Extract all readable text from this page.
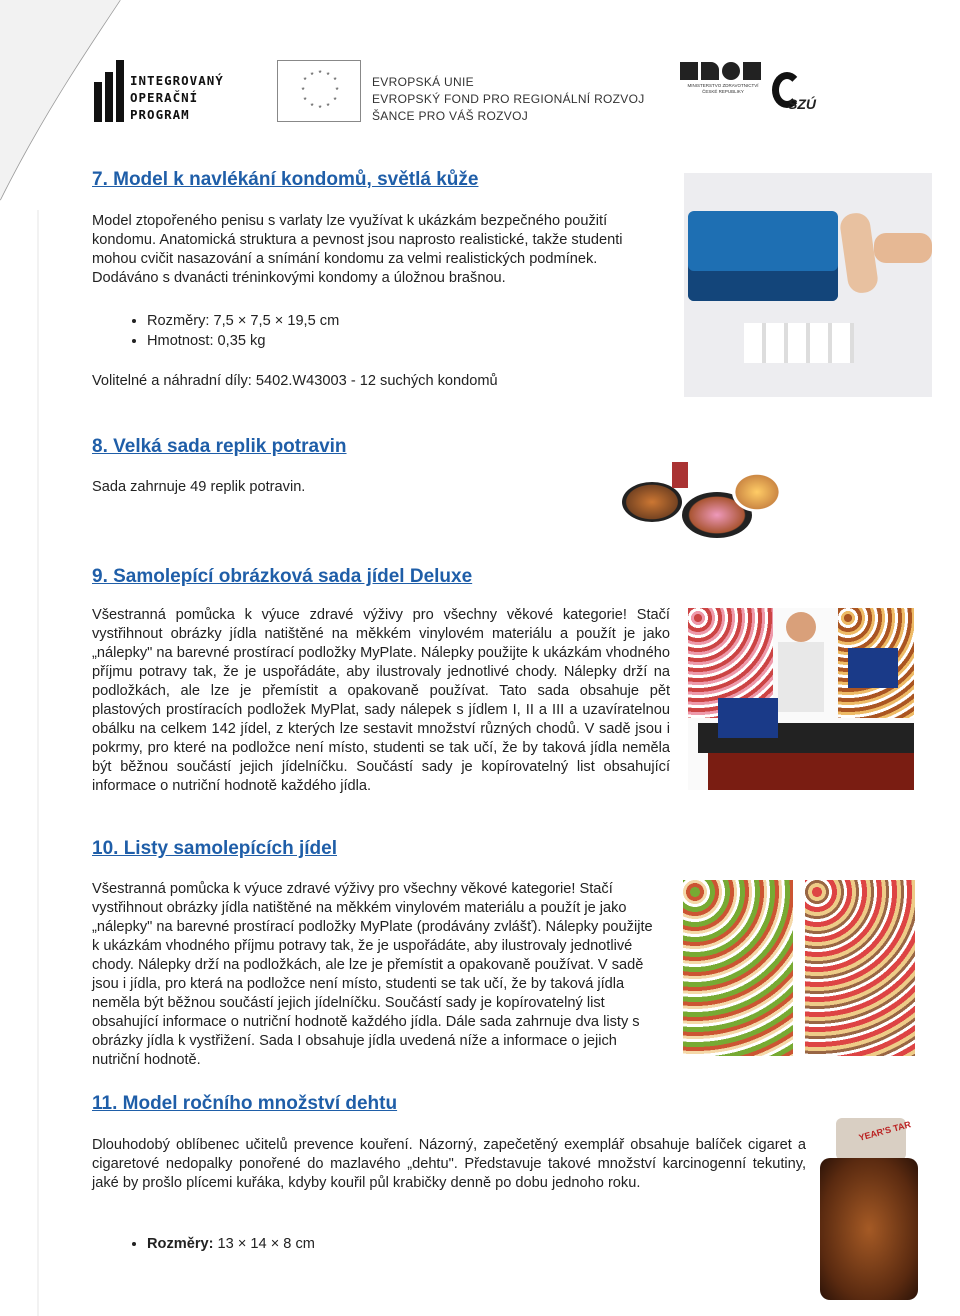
INTEGROVANÝ
OPERAČNÍ
PROGRAM
* *
*
*
*
*
*
*
*
*
*
*	EVROPSKÁ UNIE
EVROPSKÝ FOND PRO REGIONÁLNÍ ROZVOJ
ŠANCE PRO VÁŠ ROZVOJ
MINISTERSTVO ZDRAVOTNICTVÍ ČESKÉ REPUBLIKY
SZÚ
7. Model k navlékání kondomů, světlá kůže
Model ztopořeného penisu s varlaty lze využívat k ukázkám bezpečného použití kondomu. Anatomická struktura a pevnost jsou naprosto realistické, takže studenti mohou cvičit nasazování a snímání kondomu za velmi realistických podmínek. Dodáváno s dvanácti tréninkovými kondomy a úložnou brašnou.
• Rozměry: 7,5 × 7,5 × 19,5 cm
• Hmotnost: 0,35 kg
Volitelné a náhradní díly: 5402.W43003 - 12 suchých kondomů
8. Velká sada replik potravin
Sada zahrnuje 49 replik potravin.
9. Samolepící obrázková sada jídel Deluxe
Všestranná pomůcka k výuce zdravé výživy pro všechny věkové kategorie! Stačí vystřihnout obrázky jídla natištěné na měkkém vinylovém materiálu a použít je jako „nálepky" na barevné prostírací podložky MyPlate. Nálepky použijte k ukázkám vhodného příjmu potravy tak, že je uspořádáte, aby ilustrovaly jednotlivé chody. Nálepky drží na podložkách, ale lze je přemístit a opakovaně používat. Tato sada obsahuje pět plastových prostíracích podložek MyPlat, sady nálepek s jídlem I, II a III a uzavíratelnou obálku na celkem 142 jídel, z kterých lze sestavit množství různých chodů. V sadě jsou i pokrmy, pro které na podložce není místo, studenti se tak učí, že by taková jídla neměla být běžnou součástí jejich jídelníčku. Součástí sady je kopírovatelný list obsahující informace o nutriční hodnotě každého jídla.
10. Listy samolepících jídel
Všestranná pomůcka k výuce zdravé výživy pro všechny věkové kategorie! Stačí vystřihnout obrázky jídla natištěné na měkkém vinylovém materiálu a použít je jako „nálepky" na barevné prostírací podložky MyPlate (prodávány zvlášť). Nálepky použijte k ukázkám vhodného příjmu potravy tak, že je uspořádáte, aby ilustrovaly jednotlivé chody. Nálepky drží na podložkách, ale lze je přemístit a opakovaně používat. V sadě jsou i jídla, pro která na podložce není místo, studenti se tak učí, že by taková jídla neměla být běžnou součástí jejich jídelníčku. Součástí sady je kopírovatelný list obsahující informace o nutriční hodnotě každého jídla. Dále sada zahrnuje dva listy s obrázky jídla k vystřižení. Sada I obsahuje jídla uvedená níže a informace o jejich nutriční hodnotě.
11. Model ročního množství dehtu
Dlouhodobý oblíbenec učitelů prevence kouření. Názorný, zapečetěný exemplář obsahuje balíček cigaret a cigaretové nedopalky ponořené do mazlavého „dehtu". Představuje takové množství karcinogenní tekutiny, jaké by prošlo plícemi kuřáka, kdyby kouřil půl krabičky denně po dobu jednoho roku.
• Rozměry: 13 × 14 × 8 cm
YEAR'S TAR
